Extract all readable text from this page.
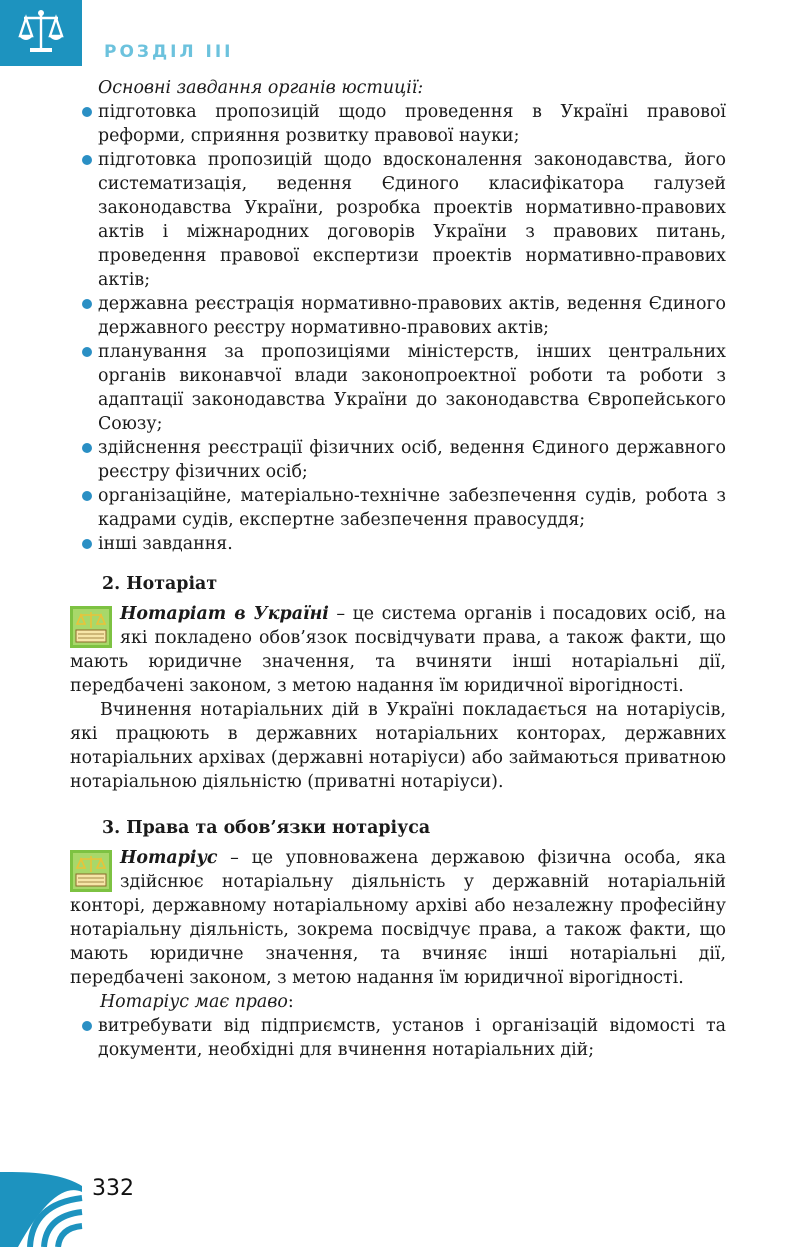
РОЗДІЛ ІІІ

Основні завдання органів юстиції:

підготовка пропозицій щодо проведення в Україні правової реформи, сприяння розвитку правової науки;
підготовка пропозицій щодо вдосконалення законодавства, його систематизація, ведення Єдиного класифікатора галузей законодавства України, розробка проектів нормативно-правових актів і міжнародних договорів України з правових питань, проведення правової експертизи проектів нормативно-правових актів;
державна реєстрація нормативно-правових актів, ведення Єдиного державного реєстру нормативно-правових актів;
планування за пропозиціями міністерств, інших центральних органів виконавчої влади законопроектної роботи та роботи з адаптації законодавства України до законодавства Європейського Союзу;
здійснення реєстрації фізичних осіб, ведення Єдиного державного реєстру фізичних осіб;
організаційне, матеріально-технічне забезпечення судів, робота з кадрами судів, експертне забезпечення правосуддя;
інші завдання.
2. Нотаріат
Нотаріат в Україні – це система органів і посадових осіб, на які покладено обов’язок посвідчувати права, а також факти, що мають юридичне значення, та вчиняти інші нотаріальні дії, передбачені законом, з метою надання їм юридичної вірогідності.

Вчинення нотаріальних дій в Україні покладається на нотаріусів, які працюють в державних нотаріальних конторах, державних нотаріальних архівах (державні нотаріуси) або займаються приватною нотаріальною діяльністю (приватні нотаріуси).

3. Права та обов’язки нотаріуса
Нотаріус – це уповноважена державою фізична особа, яка здійснює нотаріальну діяльність у державній нотаріальній конторі, державному нотаріальному архіві або незалежну професійну нотаріальну діяльність, зокрема посвідчує права, а також факти, що мають юридичне значення, та вчиняє інші нотаріальні дії, передбачені законом, з метою надання їм юридичної вірогідності.

Нотаріус має право:

витребувати від підприємств, установ і організацій відомості та документи, необхідні для вчинення нотаріальних дій;
332
